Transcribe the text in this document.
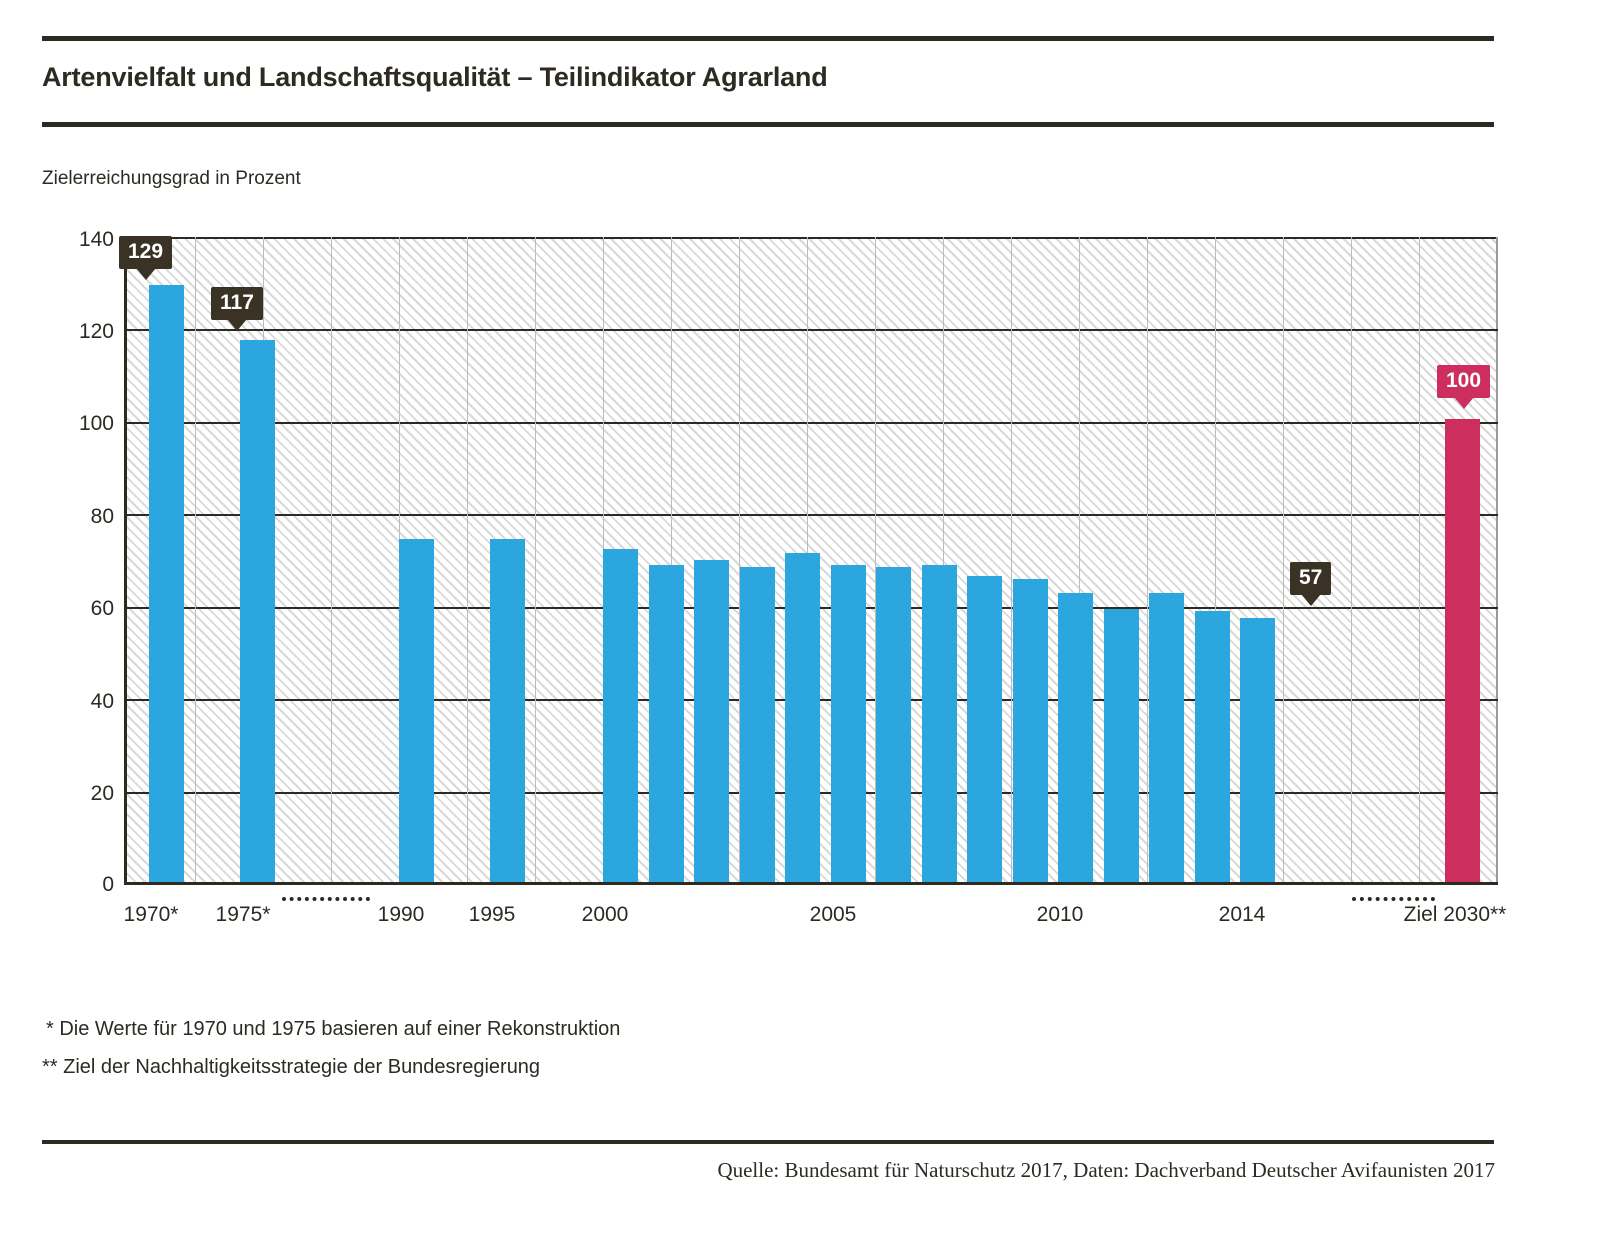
Artenvielfalt und Landschaftsqualität – Teilindikator Agrarland
Zielerreichungsgrad in Prozent
140
120
100
80
60
40
20
0
129
117
57
100
1970*	1975*	1990	1995	2000	2005	2010	2014	Ziel 2030**
* Die Werte für 1970 und 1975 basieren auf einer Rekonstruktion
** Ziel der Nachhaltigkeitsstrategie der Bundesregierung
Quelle: Bundesamt für Naturschutz 2017, Daten: Dachverband Deutscher Avifaunisten 2017
